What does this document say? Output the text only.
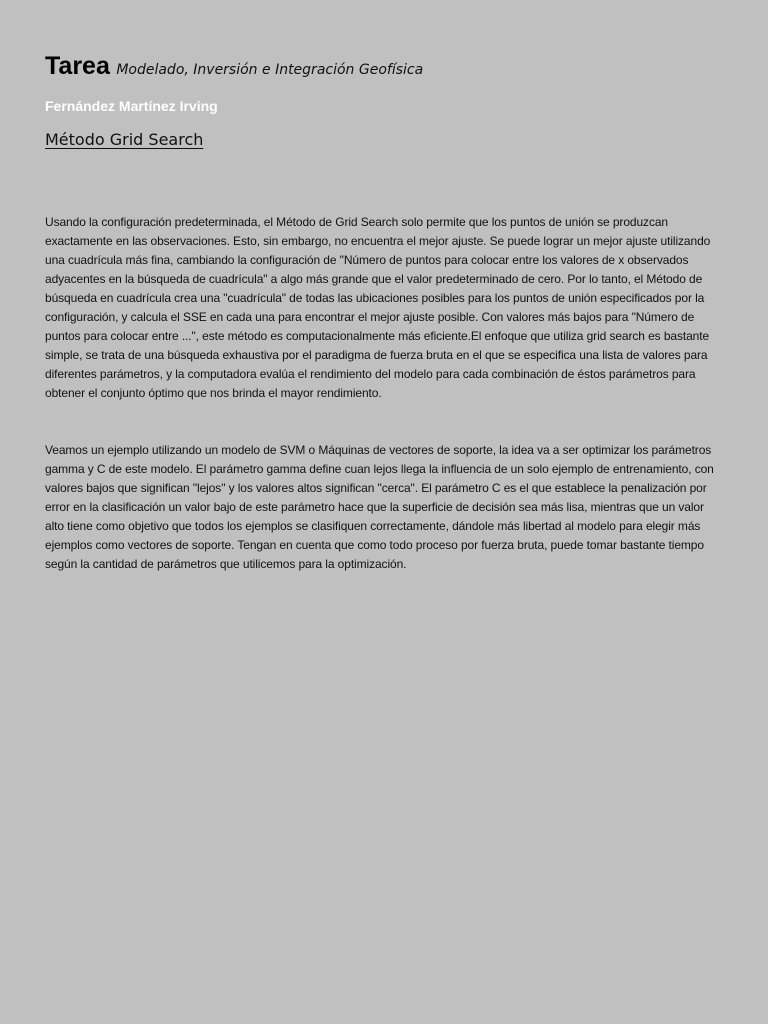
Tarea Modelado, Inversión e Integración Geofísica
Fernández Martínez Irving
Método Grid Search

Usando la configuración predeterminada, el Método de Grid Search solo permite que los puntos de unión se produzcan exactamente en las observaciones. Esto, sin embargo, no encuentra el mejor ajuste. Se puede lograr un mejor ajuste utilizando una cuadrícula más fina, cambiando la configuración de "Número de puntos para colocar entre los valores de x observados adyacentes en la búsqueda de cuadrícula" a algo más grande que el valor predeterminado de cero. Por lo tanto, el Método de búsqueda en cuadrícula crea una "cuadrícula" de todas las ubicaciones posibles para los puntos de unión especificados por la configuración, y calcula el SSE en cada una para encontrar el mejor ajuste posible. Con valores más bajos para "Número de puntos para colocar entre ...", este método es computacionalmente más eficiente.El enfoque que utiliza grid search es bastante simple, se trata de una búsqueda exhaustiva por el paradigma de fuerza bruta en el que se especifica una lista de valores para diferentes parámetros, y la computadora evalúa el rendimiento del modelo para cada combinación de éstos parámetros para obtener el conjunto óptimo que nos brinda el mayor rendimiento.

Veamos un ejemplo utilizando un modelo de SVM o Máquinas de vectores de soporte, la idea va a ser optimizar los parámetros gamma y C de este modelo. El parámetro gamma define cuan lejos llega la influencia de un solo ejemplo de entrenamiento, con valores bajos que significan "lejos" y los valores altos significan "cerca". El parámetro C es el que establece la penalización por error en la clasificación un valor bajo de este parámetro hace que la superficie de decisión sea más lisa, mientras que un valor alto tiene como objetivo que todos los ejemplos se clasifiquen correctamente, dándole más libertad al modelo para elegir más ejemplos como vectores de soporte. Tengan en cuenta que como todo proceso por fuerza bruta, puede tomar bastante tiempo según la cantidad de parámetros que utilicemos para la optimización.
